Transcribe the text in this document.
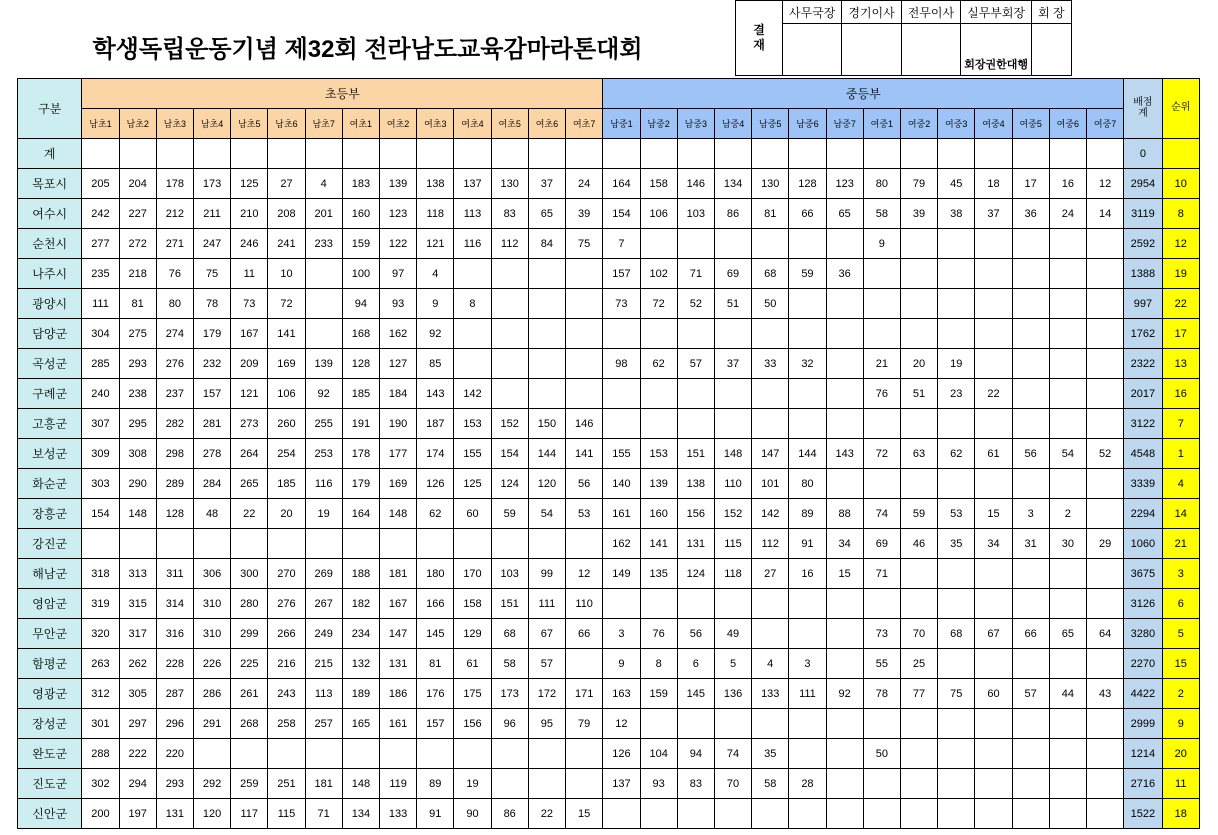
학생독립운동기념 제32회 전라남도교육감마라톤대회
결
재
사무국장	경기이사	전무이사	실무부회장
회장권한대행
회 장
구분	초등부														중등부														배점
계	순위
	남초1	남초2	남초3	남초4	남초5	남초6	남초7	여초1	여초2	여초3	여초4	여초5	여초6	여초7	남중1	남중2	남중3	남중4	남중5	남중6	남중7	여중1	여중2	여중3	여중4	여중5	여중6	여중7		
계																													0	
목포시	205	204	178	173	125	27	4	183	139	138	137	130	37	24	164	158	146	134	130	128	123	80	79	45	18	17	16	12	2954	10
여수시	242	227	212	211	210	208	201	160	123	118	113	83	65	39	154	106	103	86	81	66	65	58	39	38	37	36	24	14	3119	8
순천시	277	272	271	247	246	241	233	159	122	121	116	112	84	75	7							9							2592	12
나주시	235	218	76	75	11	10		100	97	4					157	102	71	69	68	59	36								1388	19
광양시	111	81	80	78	73	72		94	93	9	8				73	72	52	51	50										997	22
담양군	304	275	274	179	167	141		168	162	92																			1762	17
곡성군	285	293	276	232	209	169	139	128	127	85					98	62	57	37	33	32		21	20	19					2322	13
구례군	240	238	237	157	121	106	92	185	184	143	142											76	51	23	22				2017	16
고흥군	307	295	282	281	273	260	255	191	190	187	153	152	150	146															3122	7
보성군	309	308	298	278	264	254	253	178	177	174	155	154	144	141	155	153	151	148	147	144	143	72	63	62	61	56	54	52	4548	1
화순군	303	290	289	284	265	185	116	179	169	126	125	124	120	56	140	139	138	110	101	80									3339	4
장흥군	154	148	128	48	22	20	19	164	148	62	60	59	54	53	161	160	156	152	142	89	88	74	59	53	15	3	2		2294	14
강진군															162	141	131	115	112	91	34	69	46	35	34	31	30	29	1060	21
해남군	318	313	311	306	300	270	269	188	181	180	170	103	99	12	149	135	124	118	27	16	15	71							3675	3
영암군	319	315	314	310	280	276	267	182	167	166	158	151	111	110															3126	6
무안군	320	317	316	310	299	266	249	234	147	145	129	68	67	66	3	76	56	49				73	70	68	67	66	65	64	3280	5
함평군	263	262	228	226	225	216	215	132	131	81	61	58	57		9	8	6	5	4	3		55	25						2270	15
영광군	312	305	287	286	261	243	113	189	186	176	175	173	172	171	163	159	145	136	133	111	92	78	77	75	60	57	44	43	4422	2
장성군	301	297	296	291	268	258	257	165	161	157	156	96	95	79	12														2999	9
완도군	288	222	220												126	104	94	74	35			50							1214	20
진도군	302	294	293	292	259	251	181	148	119	89	19				137	93	83	70	58	28									2716	11
신안군	200	197	131	120	117	115	71	134	133	91	90	86	22	15															1522	18
